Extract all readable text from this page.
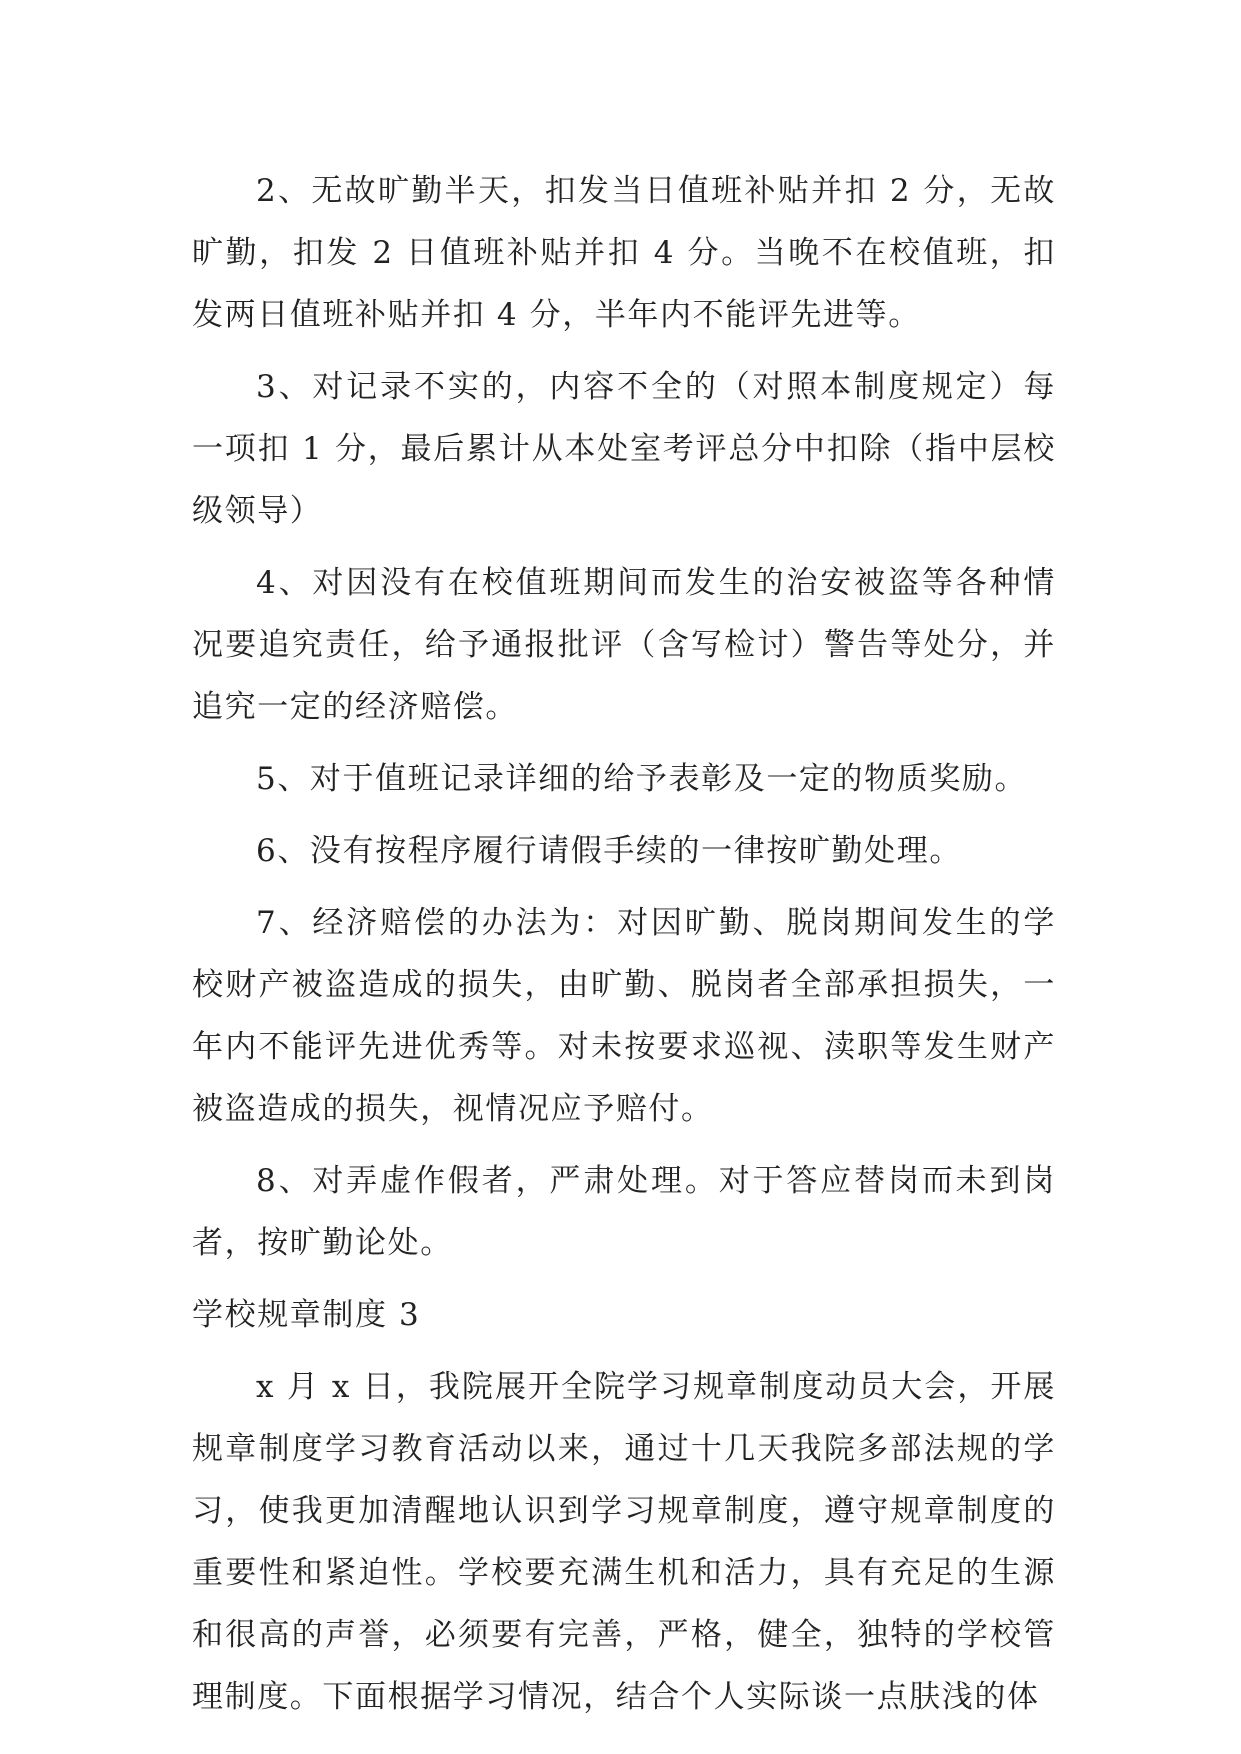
2、无故旷勤半天，扣发当日值班补贴并扣 2 分，无故旷勤，扣发 2 日值班补贴并扣 4 分。当晚不在校值班，扣发两日值班补贴并扣 4 分，半年内不能评先进等。

3、对记录不实的，内容不全的（对照本制度规定）每一项扣 1 分，最后累计从本处室考评总分中扣除（指中层校级领导）

4、对因没有在校值班期间而发生的治安被盗等各种情况要追究责任，给予通报批评（含写检讨）警告等处分，并追究一定的经济赔偿。

5、对于值班记录详细的给予表彰及一定的物质奖励。

6、没有按程序履行请假手续的一律按旷勤处理。

7、经济赔偿的办法为：对因旷勤、脱岗期间发生的学校财产被盗造成的损失，由旷勤、脱岗者全部承担损失，一年内不能评先进优秀等。对未按要求巡视、渎职等发生财产被盗造成的损失，视情况应予赔付。

8、对弄虚作假者，严肃处理。对于答应替岗而未到岗者，按旷勤论处。

学校规章制度 3

x 月 x 日，我院展开全院学习规章制度动员大会，开展规章制度学习教育活动以来，通过十几天我院多部法规的学习，使我更加清醒地认识到学习规章制度，遵守规章制度的重要性和紧迫性。学校要充满生机和活力，具有充足的生源和很高的声誉，必须要有完善，严格，健全，独特的学校管理制度。下面根据学习情况，结合个人实际谈一点肤浅的体
